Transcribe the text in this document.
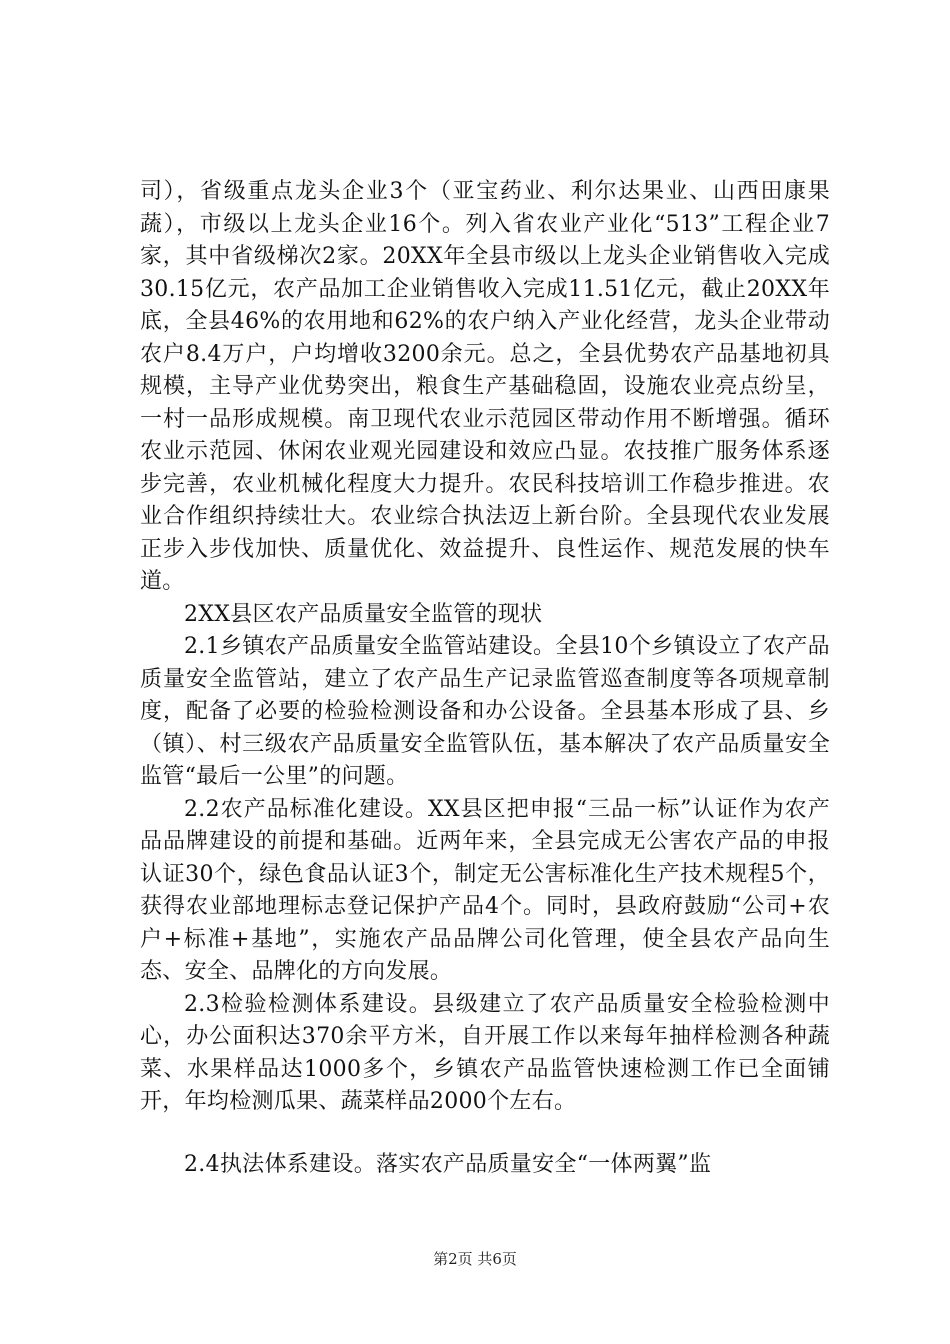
司），省级重点龙头企业3个（亚宝药业、利尔达果业、山西田康果蔬），市级以上龙头企业16个。列入省农业产业化“513”工程企业7家，其中省级梯次2家。20XX年全县市级以上龙头企业销售收入完成30.15亿元，农产品加工企业销售收入完成11.51亿元，截止20XX年底，全县46%的农用地和62%的农户纳入产业化经营，龙头企业带动农户8.4万户，户均增收3200余元。总之，全县优势农产品基地初具规模，主导产业优势突出，粮食生产基础稳固，设施农业亮点纷呈，一村一品形成规模。南卫现代农业示范园区带动作用不断增强。循环农业示范园、休闲农业观光园建设和效应凸显。农技推广服务体系逐步完善，农业机械化程度大力提升。农民科技培训工作稳步推进。农业合作组织持续壮大。农业综合执法迈上新台阶。全县现代农业发展正步入步伐加快、质量优化、效益提升、良性运作、规范发展的快车道。

2XX县区农产品质量安全监管的现状

2.1乡镇农产品质量安全监管站建设。全县10个乡镇设立了农产品质量安全监管站，建立了农产品生产记录监管巡查制度等各项规章制度，配备了必要的检验检测设备和办公设备。全县基本形成了县、乡（镇）、村三级农产品质量安全监管队伍，基本解决了农产品质量安全监管“最后一公里”的问题。

2.2农产品标准化建设。XX县区把申报“三品一标”认证作为农产品品牌建设的前提和基础。近两年来，全县完成无公害农产品的申报认证30个，绿色食品认证3个，制定无公害标准化生产技术规程5个，获得农业部地理标志登记保护产品4个。同时，县政府鼓励“公司+农户+标准+基地”，实施农产品品牌公司化管理，使全县农产品向生态、安全、品牌化的方向发展。

2.3检验检测体系建设。县级建立了农产品质量安全检验检测中心，办公面积达370余平方米，自开展工作以来每年抽样检测各种蔬菜、水果样品达1000多个，乡镇农产品监管快速检测工作已全面铺开，年均检测瓜果、蔬菜样品2000个左右。

2.4执法体系建设。落实农产品质量安全“一体两翼”监

第2页 共6页
